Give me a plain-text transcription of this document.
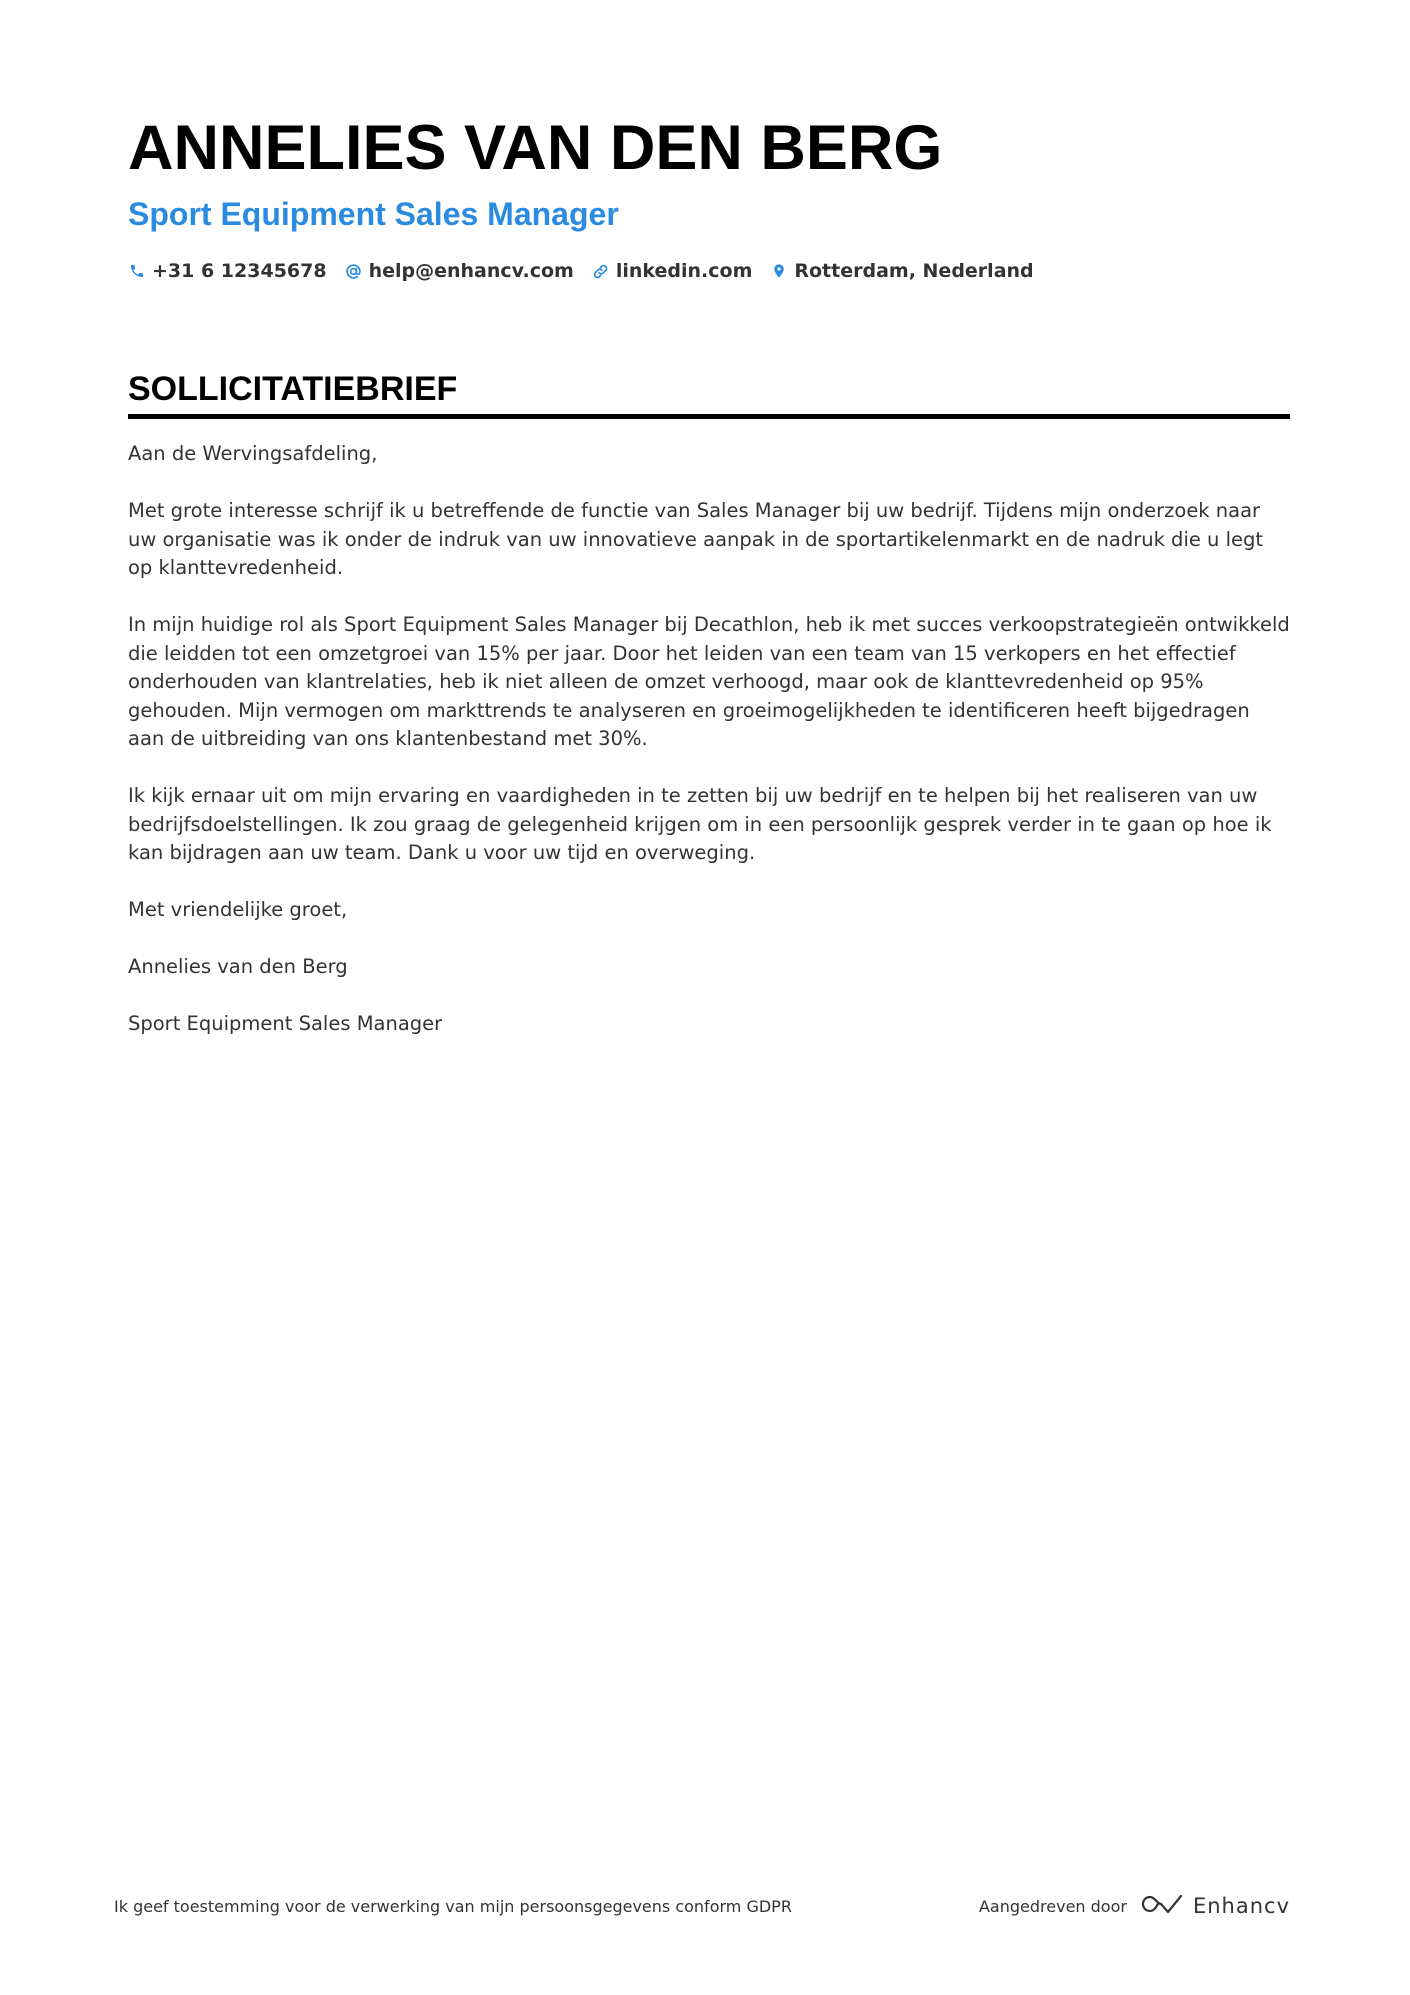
ANNELIES VAN DEN BERG
Sport Equipment Sales Manager
+31 6 12345678 help@enhancv.com linkedin.com Rotterdam, Nederland
SOLLICITATIEBRIEF

Aan de Wervingsafdeling,

Met grote interesse schrijf ik u betreffende de functie van Sales Manager bij uw bedrijf. Tijdens mijn onderzoek naar uw organisatie was ik onder de indruk van uw innovatieve aanpak in de sportartikelenmarkt en de nadruk die u legt op klanttevredenheid.

In mijn huidige rol als Sport Equipment Sales Manager bij Decathlon, heb ik met succes verkoopstrategieën ontwikkeld die leidden tot een omzetgroei van 15% per jaar. Door het leiden van een team van 15 verkopers en het effectief onderhouden van klantrelaties, heb ik niet alleen de omzet verhoogd, maar ook de klanttevredenheid op 95% gehouden. Mijn vermogen om markttrends te analyseren en groeimogelijkheden te identificeren heeft bijgedragen aan de uitbreiding van ons klantenbestand met 30%.

Ik kijk ernaar uit om mijn ervaring en vaardigheden in te zetten bij uw bedrijf en te helpen bij het realiseren van uw bedrijfsdoelstellingen. Ik zou graag de gelegenheid krijgen om in een persoonlijk gesprek verder in te gaan op hoe ik kan bijdragen aan uw team. Dank u voor uw tijd en overweging.

Met vriendelijke groet,

Annelies van den Berg

Sport Equipment Sales Manager

Ik geef toestemming voor de verwerking van mijn persoonsgegevens conform GDPR	Aangedreven door	Enhancv
